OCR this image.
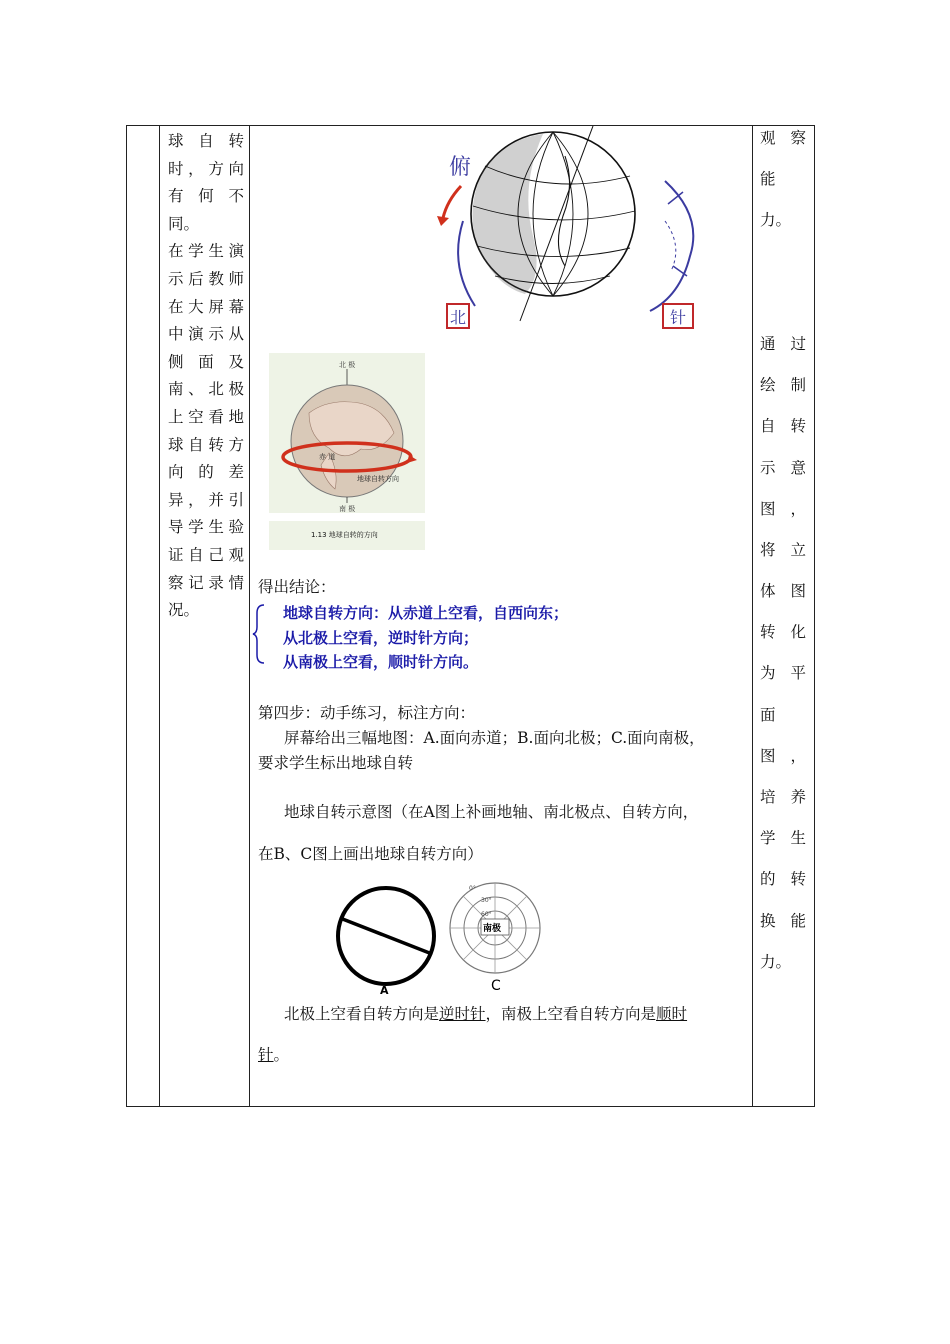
球自转

时，方向

有何不

同。

在学生演

示后教师

在大屏幕

中演示从

侧面及

南、北极

上空看地

球自转方

向的差

异，并引

导学生验

证自己观

察记录情

况。

观察
能
力。
通过
绘制
自转
示意
图，
将立
体图
转化
为平
面
图，
培养
学生
的转
换能
力。
俯
北	针
北 极
赤 道
地球自转方向
南 极
1.13 地球自转的方向
得出结论：
地球自转方向：从赤道上空看，自西向东；
从北极上空看，逆时针方向；
从南极上空看，顺时针方向。
第四步：动手练习，标注方向：
屏幕给出三幅地图：A.面向赤道；B.面向北极；C.面向南极，
要求学生标出地球自转
地球自转示意图（在A图上补画地轴、南北极点、自转方向，
在B、C图上画出地球自转方向）
A
南极
0°
30°
60°
C
北极上空看自转方向是逆时针，南极上空看自转方向是顺时
针。
